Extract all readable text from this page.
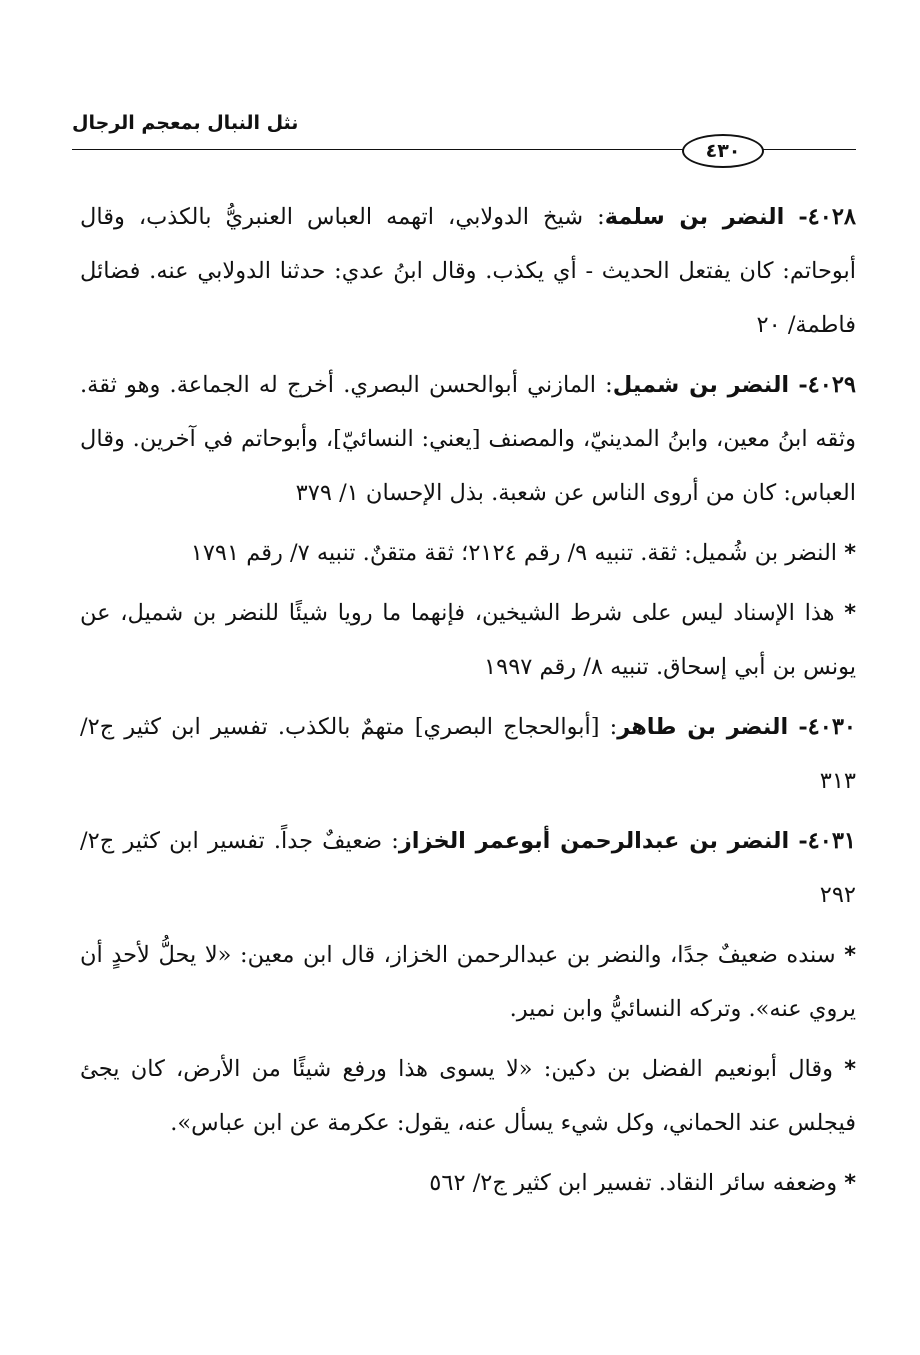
نثل النبال بمعجم الرجال
٤٣٠

٤٠٢٨- النضر بن سلمة: شيخ الدولابي، اتهمه العباس العنبريُّ بالكذب، وقال أبوحاتم: كان يفتعل الحديث - أي يكذب. وقال ابنُ عدي: حدثنا الدولابي عنه. فضائل فاطمة/ ٢٠

٤٠٢٩- النضر بن شميل: المازني أبوالحسن البصري. أخرج له الجماعة. وهو ثقة. وثقه ابنُ معين، وابنُ المدينيّ، والمصنف [يعني: النسائيّ]، وأبوحاتم في آخرين. وقال العباس: كان من أروى الناس عن شعبة. بذل الإحسان ١/ ٣٧٩

* النضر بن شُميل: ثقة. تنبيه ٩/ رقم ٢١٢٤؛ ثقة متقنٌ. تنبيه ٧/ رقم ١٧٩١

* هذا الإسناد ليس على شرط الشيخين، فإنهما ما رويا شيئًا للنضر بن شميل، عن يونس بن أبي إسحاق. تنبيه ٨/ رقم ١٩٩٧

٤٠٣٠- النضر بن طاهر: [أبوالحجاج البصري] متهمٌ بالكذب. تفسير ابن كثير ج٢/ ٣١٣

٤٠٣١- النضر بن عبدالرحمن أبوعمر الخزاز: ضعيفٌ جداً. تفسير ابن كثير ج٢/ ٢٩٢

* سنده ضعيفٌ جدًا، والنضر بن عبدالرحمن الخزاز، قال ابن معين: «لا يحلُّ لأحدٍ أن يروي عنه». وتركه النسائيُّ وابن نمير.

* وقال أبونعيم الفضل بن دكين: «لا يسوى هذا ورفع شيئًا من الأرض، كان يجئ فيجلس عند الحماني، وكل شيء يسأل عنه، يقول: عكرمة عن ابن عباس».

* وضعفه سائر النقاد. تفسير ابن كثير ج٢/ ٥٦٢
